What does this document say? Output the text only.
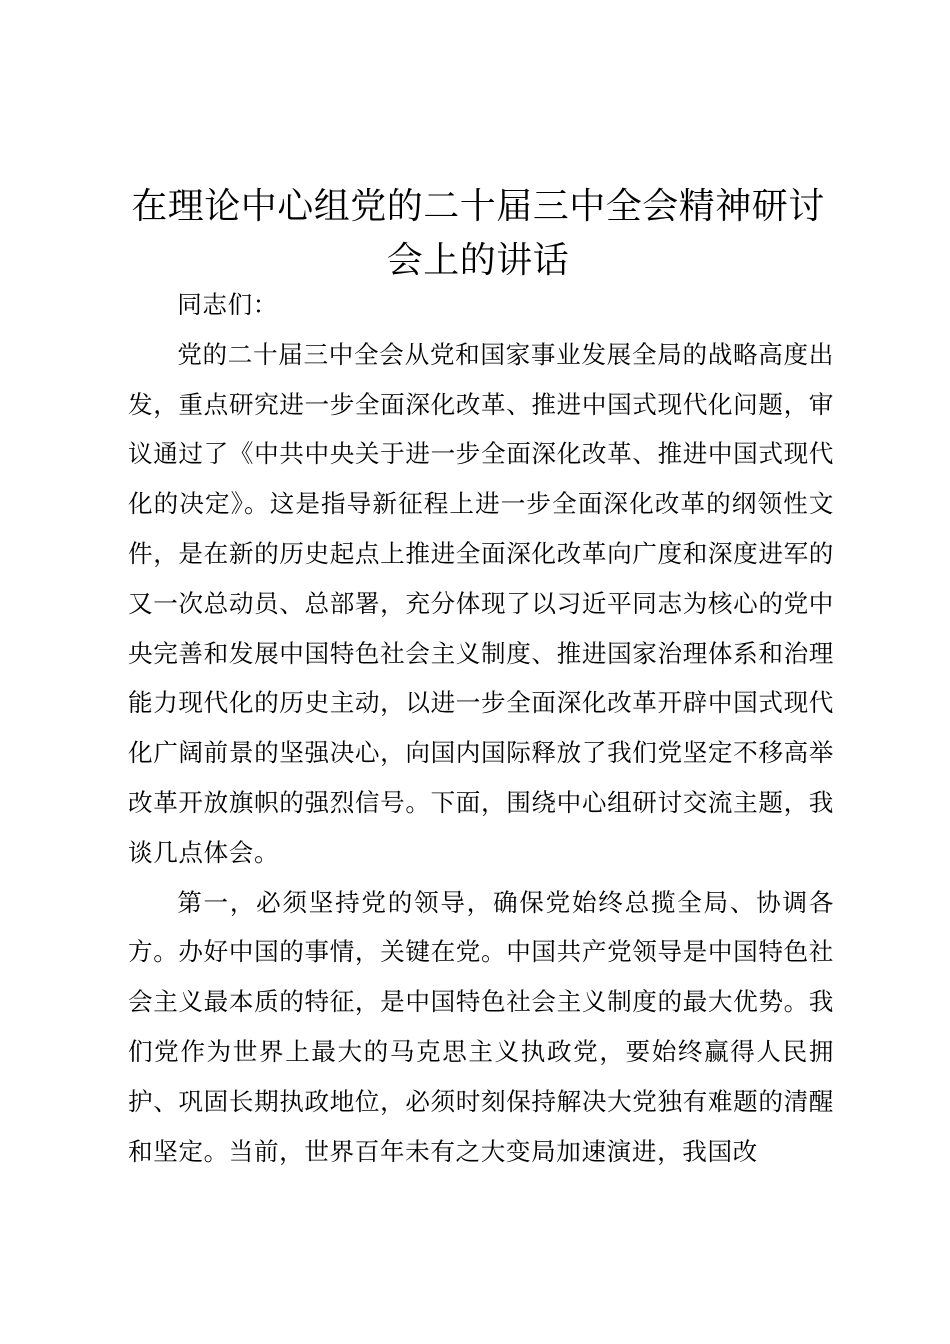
在理论中心组党的二十届三中全会精神研讨会上的讲话

同志们：

党的二十届三中全会从党和国家事业发展全局的战略高度出发，重点研究进一步全面深化改革、推进中国式现代化问题，审议通过了《中共中央关于进一步全面深化改革、推进中国式现代化的决定》。这是指导新征程上进一步全面深化改革的纲领性文件，是在新的历史起点上推进全面深化改革向广度和深度进军的又一次总动员、总部署，充分体现了以习近平同志为核心的党中央完善和发展中国特色社会主义制度、推进国家治理体系和治理能力现代化的历史主动，以进一步全面深化改革开辟中国式现代化广阔前景的坚强决心，向国内国际释放了我们党坚定不移高举改革开放旗帜的强烈信号。下面，围绕中心组研讨交流主题，我谈几点体会。

第一，必须坚持党的领导，确保党始终总揽全局、协调各方。办好中国的事情，关键在党。中国共产党领导是中国特色社会主义最本质的特征，是中国特色社会主义制度的最大优势。我们党作为世界上最大的马克思主义执政党，要始终赢得人民拥护、巩固长期执政地位，必须时刻保持解决大党独有难题的清醒和坚定。当前，世界百年未有之大变局加速演进，我国改
